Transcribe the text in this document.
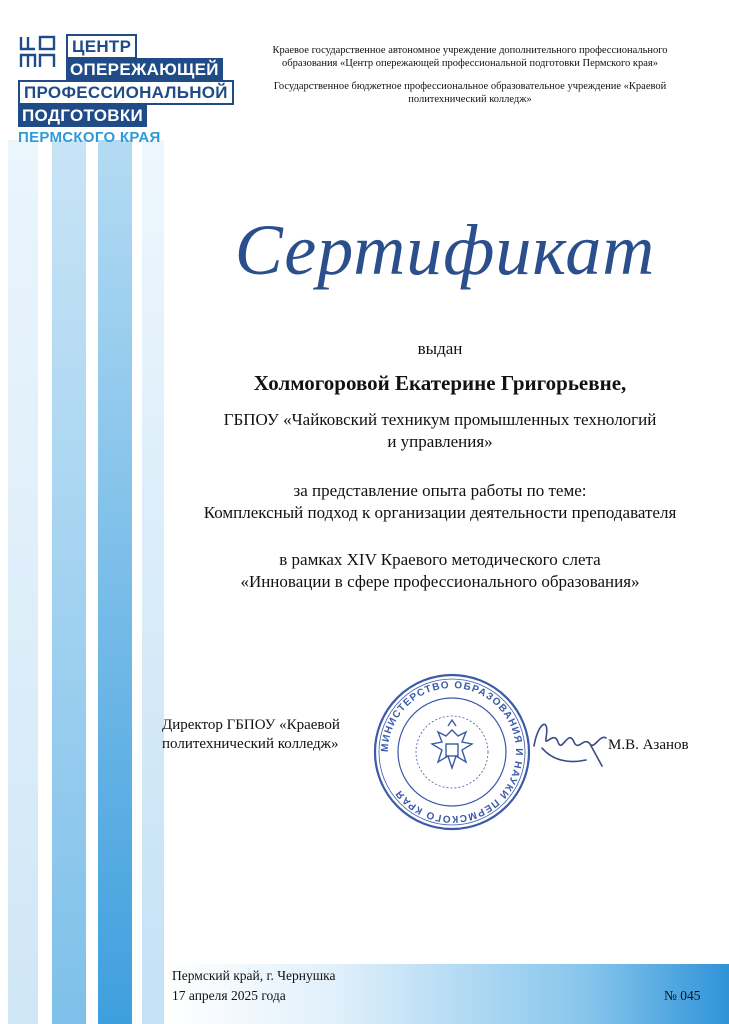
ЦЕНТР
ОПЕРЕЖАЮЩЕЙ
ПРОФЕССИОНАЛЬНОЙ
ПОДГОТОВКИ
ПЕРМСКОГО КРАЯ

Краевое государственное автономное учреждение дополнительного профессионального образования «Центр опережающей профессиональной подготовки Пермского края»

Государственное бюджетное профессиональное образовательное учреждение «Краевой политехнический колледж»

Сертификат
выдан
Холмогоровой Екатерине Григорьевне,
ГБПОУ «Чайковский техникум промышленных технологий
и управления»
за представление опыта работы по теме:
Комплексный подход к организации деятельности преподавателя
в рамках XIV Краевого методического слета
«Инновации в сфере профессионального образования»
Директор ГБПОУ «Краевой
политехнический колледж»	МИНИСТЕРСТВО ОБРАЗОВАНИЯ И НАУКИ ПЕРМСКОГО КРАЯ
М.В. Азанов
Пермский край, г. Чернушка
17 апреля 2025 года	№ 045
